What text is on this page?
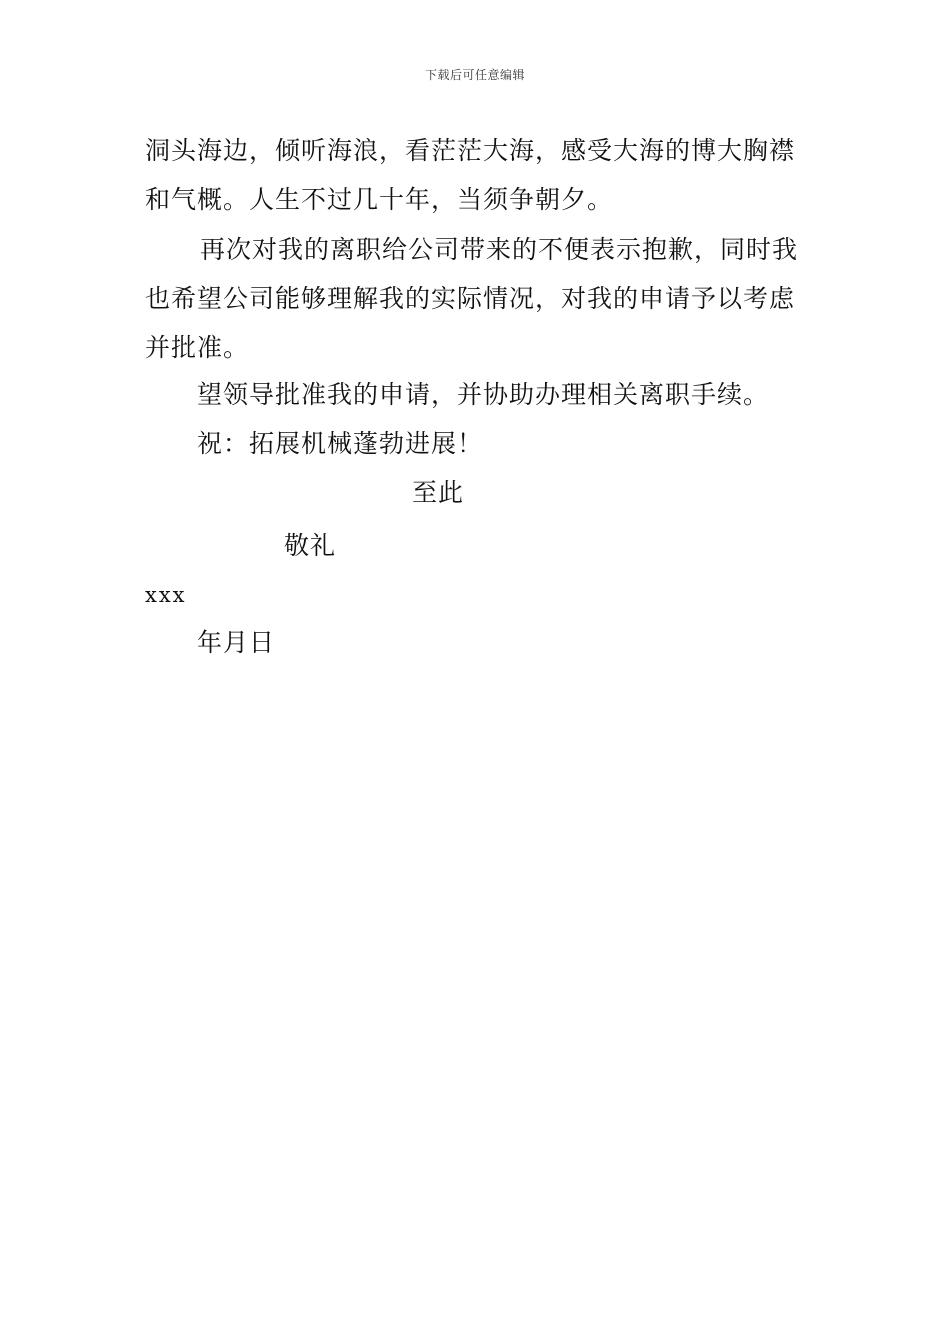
下载后可任意编辑
洞头海边，倾听海浪，看茫茫大海，感受大海的博大胸襟和气概。人生不过几十年，当须争朝夕。
再次对我的离职给公司带来的不便表示抱歉，同时我也希望公司能够理解我的实际情况，对我的申请予以考虑并批准。
望领导批准我的申请，并协助办理相关离职手续。
祝：拓展机械蓬勃进展！
至此
敬礼
xxx
年月日
